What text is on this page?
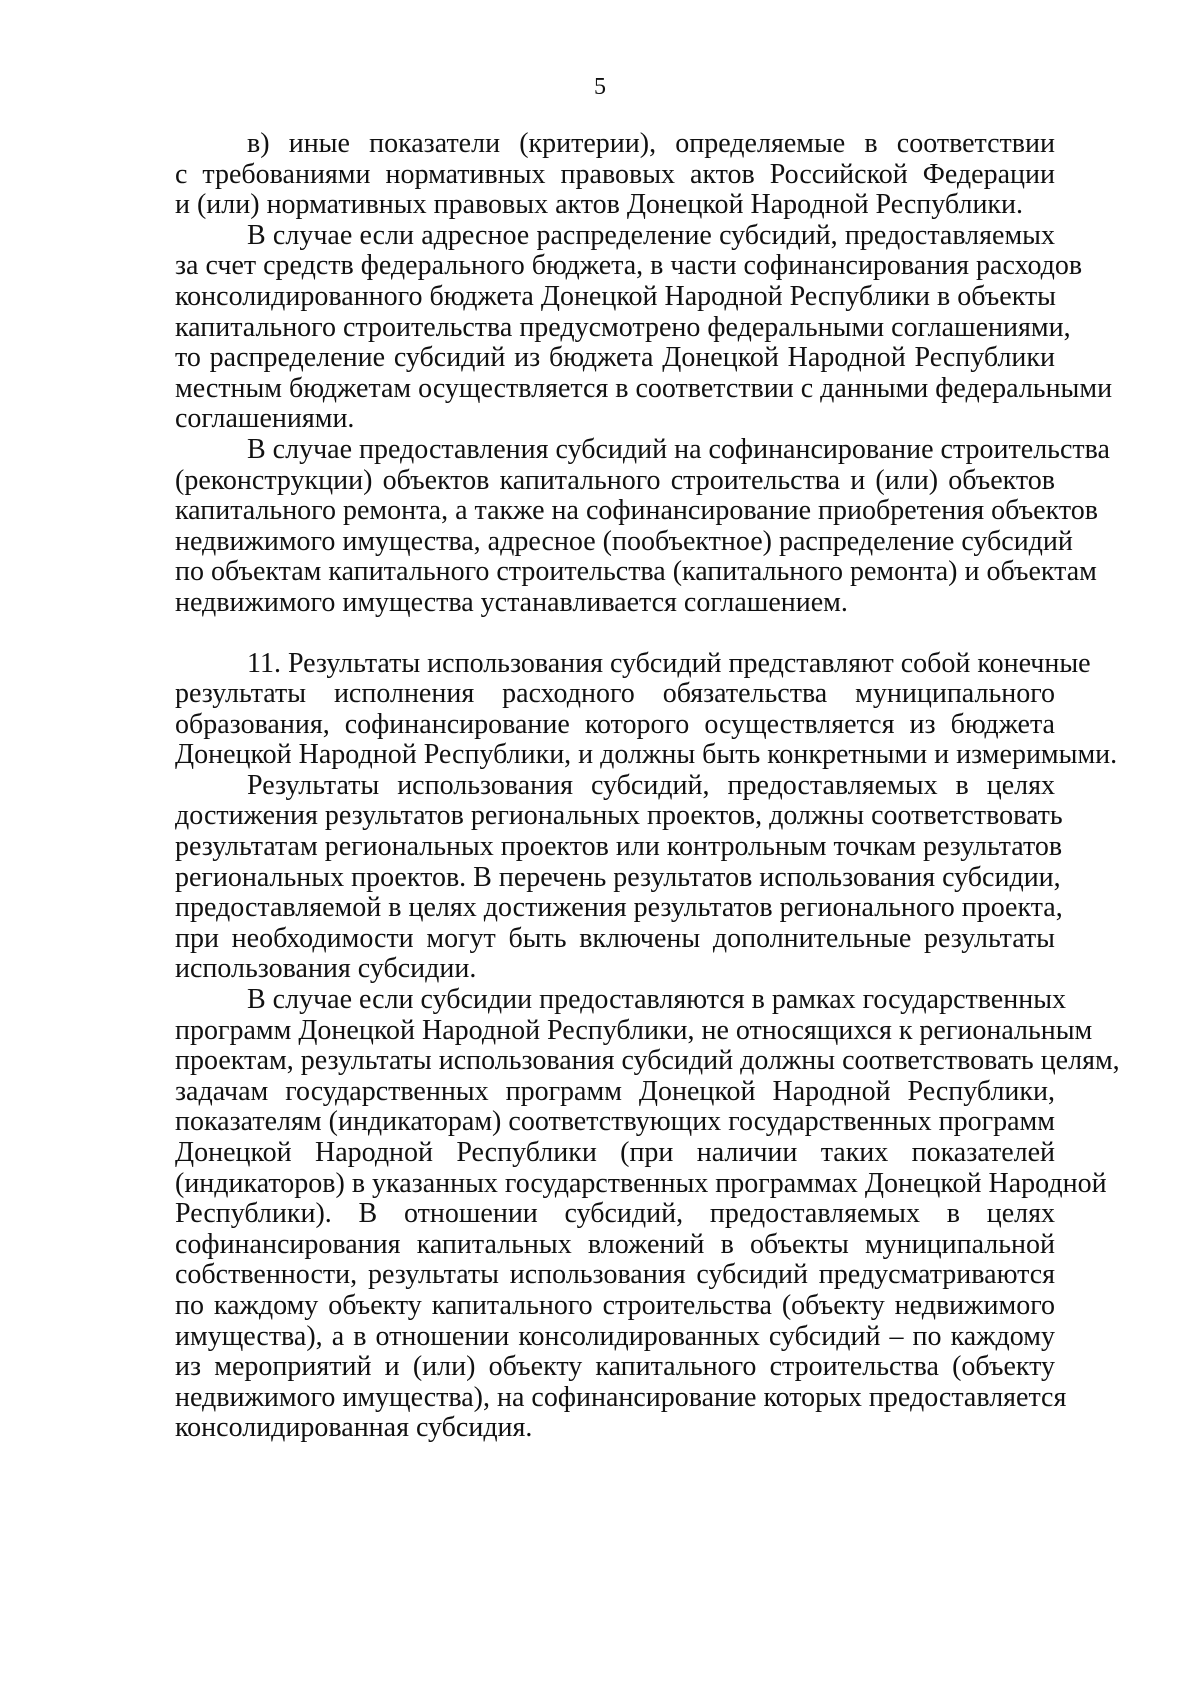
5
в) иные показатели (критерии), определяемые в соответствии
с требованиями нормативных правовых актов Российской Федерации
и (или) нормативных правовых актов Донецкой Народной Республики.
В случае если адресное распределение субсидий, предоставляемых
за счет средств федерального бюджета, в части софинансирования расходов
консолидированного бюджета Донецкой Народной Республики в объекты
капитального строительства предусмотрено федеральными соглашениями,
то распределение субсидий из бюджета Донецкой Народной Республики
местным бюджетам осуществляется в соответствии с данными федеральными
соглашениями.
В случае предоставления субсидий на софинансирование строительства
(реконструкции) объектов капитального строительства и (или) объектов
капитального ремонта, а также на софинансирование приобретения объектов
недвижимого имущества, адресное (пообъектное) распределение субсидий
по объектам капитального строительства (капитального ремонта) и объектам
недвижимого имущества устанавливается соглашением.
11. Результаты использования субсидий представляют собой конечные
результаты исполнения расходного обязательства муниципального
образования, софинансирование которого осуществляется из бюджета
Донецкой Народной Республики, и должны быть конкретными и измеримыми.
Результаты использования субсидий, предоставляемых в целях
достижения результатов региональных проектов, должны соответствовать
результатам региональных проектов или контрольным точкам результатов
региональных проектов. В перечень результатов использования субсидии,
предоставляемой в целях достижения результатов регионального проекта,
при необходимости могут быть включены дополнительные результаты
использования субсидии.
В случае если субсидии предоставляются в рамках государственных
программ Донецкой Народной Республики, не относящихся к региональным
проектам, результаты использования субсидий должны соответствовать целям,
задачам государственных программ Донецкой Народной Республики,
показателям (индикаторам) соответствующих государственных программ
Донецкой Народной Республики (при наличии таких показателей
(индикаторов) в указанных государственных программах Донецкой Народной
Республики). В отношении субсидий, предоставляемых в целях
софинансирования капитальных вложений в объекты муниципальной
собственности, результаты использования субсидий предусматриваются
по каждому объекту капитального строительства (объекту недвижимого
имущества), а в отношении консолидированных субсидий – по каждому
из мероприятий и (или) объекту капитального строительства (объекту
недвижимого имущества), на софинансирование которых предоставляется
консолидированная субсидия.
